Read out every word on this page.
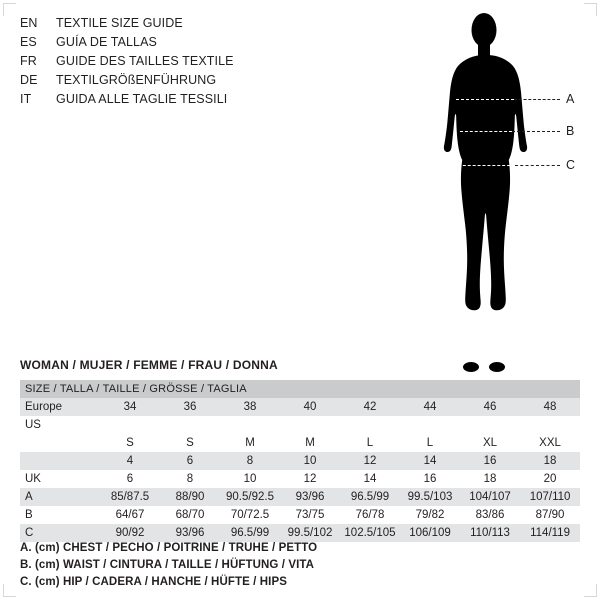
EN	TEXTILE SIZE GUIDE
ES	GUÍA DE TALLAS
FR	GUIDE DES TAILLES TEXTILE
DE	TEXTILGRÖßENFÜHRUNG
IT	GUIDA ALLE TAGLIE TESSILI	A
B
C
WOMAN / MUJER / FEMME / FRAU / DONNA
SIZE / TALLA / TAILLE / GRÖSSE / TAGLIA								
Europe	34	36	38	40	42	44	46	48
US								
	S	S	M	M	L	L	XL	XXL
	4	6	8	10	12	14	16	18
UK	6	8	10	12	14	16	18	20
A	85/87.5	88/90	90.5/92.5	93/96	96.5/99	99.5/103	104/107	107/110
B	64/67	68/70	70/72.5	73/75	76/78	79/82	83/86	87/90
C	90/92	93/96	96.5/99	99.5/102	102.5/105	106/109	110/113	114/119
A. (cm) CHEST / PECHO / POITRINE / TRUHE / PETTO
B. (cm) WAIST / CINTURA / TAILLE / HÜFTUNG / VITA
C. (cm) HIP / CADERA / HANCHE / HÜFTE / HIPS
